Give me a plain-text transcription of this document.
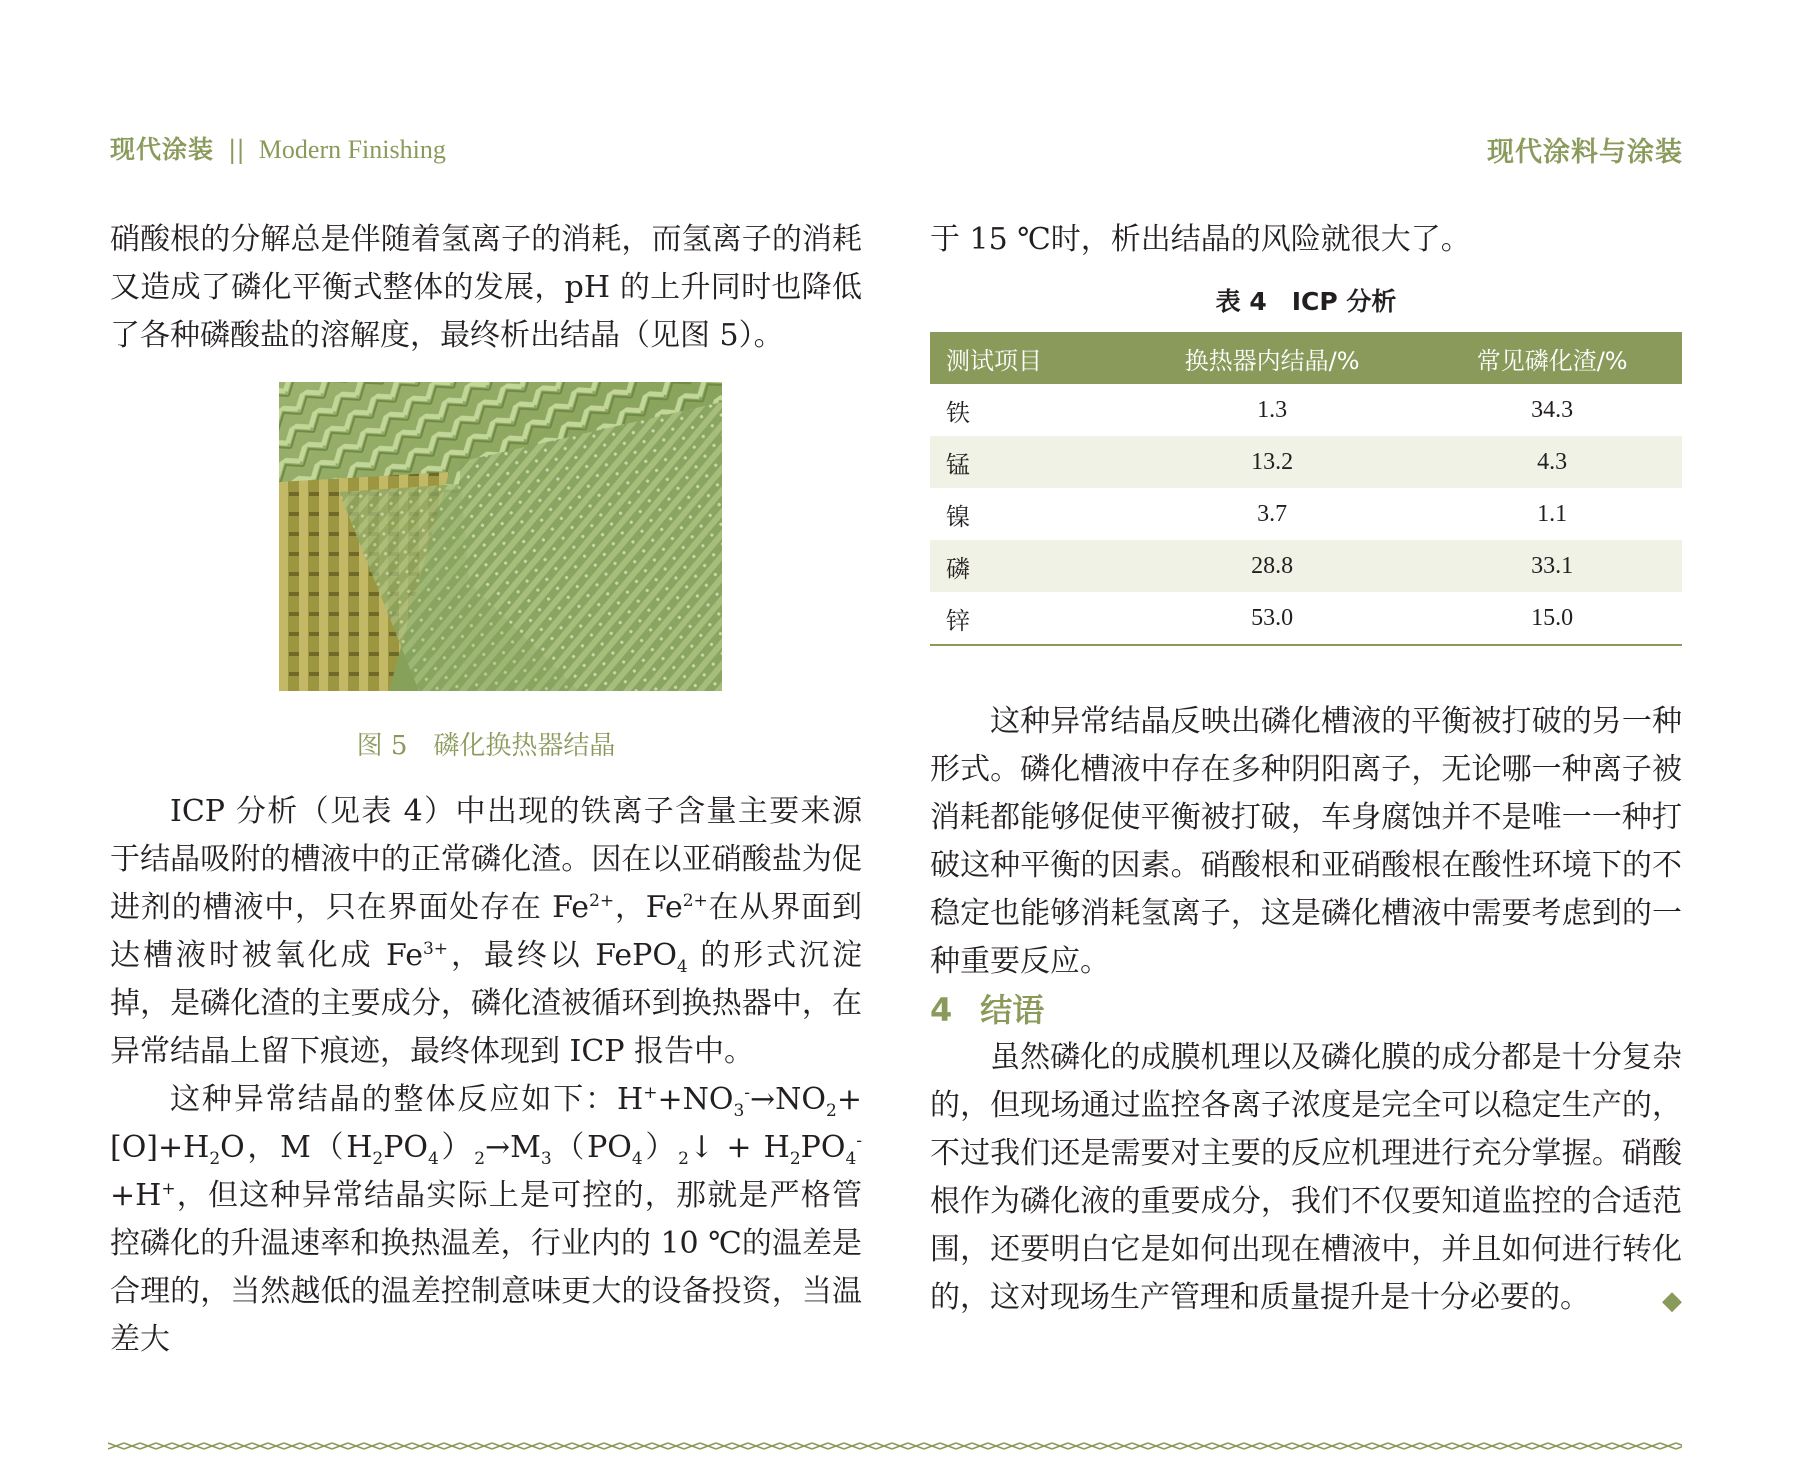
现代涂装 || Modern Finishing	现代涂料与涂装

硝酸根的分解总是伴随着氢离子的消耗，而氢离子的消耗又造成了磷化平衡式整体的发展，pH 的上升同时也降低了各种磷酸盐的溶解度，最终析出结晶（见图 5）。

图 5　磷化换热器结晶

ICP 分析（见表 4）中出现的铁离子含量主要来源于结晶吸附的槽液中的正常磷化渣。因在以亚硝酸盐为促进剂的槽液中，只在界面处存在 $Fe^{2+}$，$Fe^{2+}$在从界面到达槽液时被氧化成 $Fe^{3+}$，最终以 FePO$_4$ 的形式沉淀掉，是磷化渣的主要成分，磷化渣被循环到换热器中，在异常结晶上留下痕迹，最终体现到 ICP 报告中。

这种异常结晶的整体反应如下：$H^++NO_3^-\to NO_2+[O]+H_2O$，$M(H_2PO_4)_2\to M_3(PO_4)_2↓ + H_2PO_4^-+H^+$，但这种异常结晶实际上是可控的，那就是严格管控磷化的升温速率和换热温差，行业内的 10 ℃的温差是合理的，当然越低的温差控制意味更大的设备投资，当温差大

于 15 ℃时，析出结晶的风险就很大了。

表 4　ICP 分析
测试项目	换热器内结晶/%	常见磷化渣/%
铁	1.3	34.3
锰	13.2	4.3
镍	3.7	1.1
磷	28.8	33.1
锌	53.0	15.0

这种异常结晶反映出磷化槽液的平衡被打破的另一种形式。磷化槽液中存在多种阴阳离子，无论哪一种离子被消耗都能够促使平衡被打破，车身腐蚀并不是唯一一种打破这种平衡的因素。硝酸根和亚硝酸根在酸性环境下的不稳定也能够消耗氢离子，这是磷化槽液中需要考虑到的一种重要反应。

4 结语

虽然磷化的成膜机理以及磷化膜的成分都是十分复杂的，但现场通过监控各离子浓度是完全可以稳定生产的，不过我们还是需要对主要的反应机理进行充分掌握。硝酸根作为磷化液的重要成分，我们不仅要知道监控的合适范围，还要明白它是如何出现在槽液中，并且如何进行转化的，这对现场生产管理和质量提升是十分必要的。	◆
